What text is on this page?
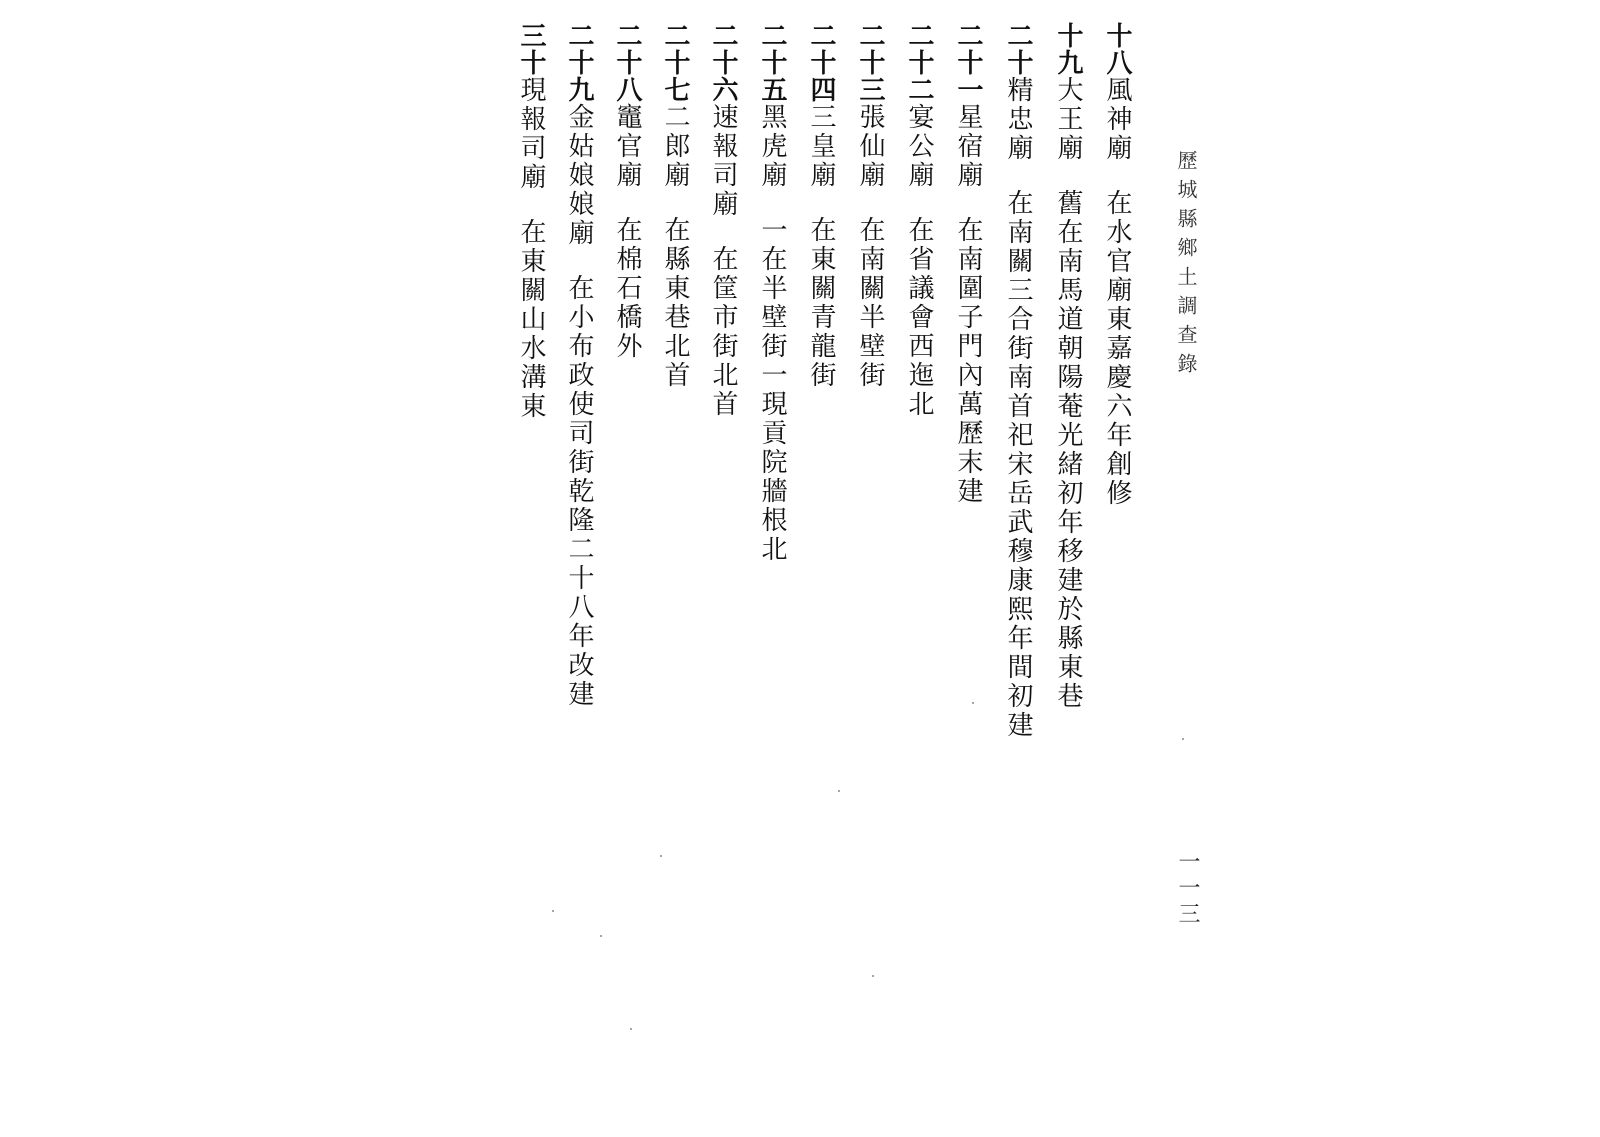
歷城縣鄉土調查錄
十八風神廟在水官廟東嘉慶六年創修
十九大王廟舊在南馬道朝陽菴光緒初年移建於縣東巷
二十精忠廟在南關三合街南首祀宋岳武穆康熙年間初建
二十一星宿廟在南圍子門內萬歷末建
二十二宴公廟在省議會西迤北
二十三張仙廟在南關半壁街
二十四三皇廟在東關青龍街
二十五黑虎廟一在半壁街一現貢院牆根北
二十六速報司廟在筐市街北首
二十七二郎廟在縣東巷北首
二十八竈官廟在棉石橋外
二十九金姑娘娘廟在小布政使司街乾隆二十八年改建
三十現報司廟在東關山水溝東
一一三
